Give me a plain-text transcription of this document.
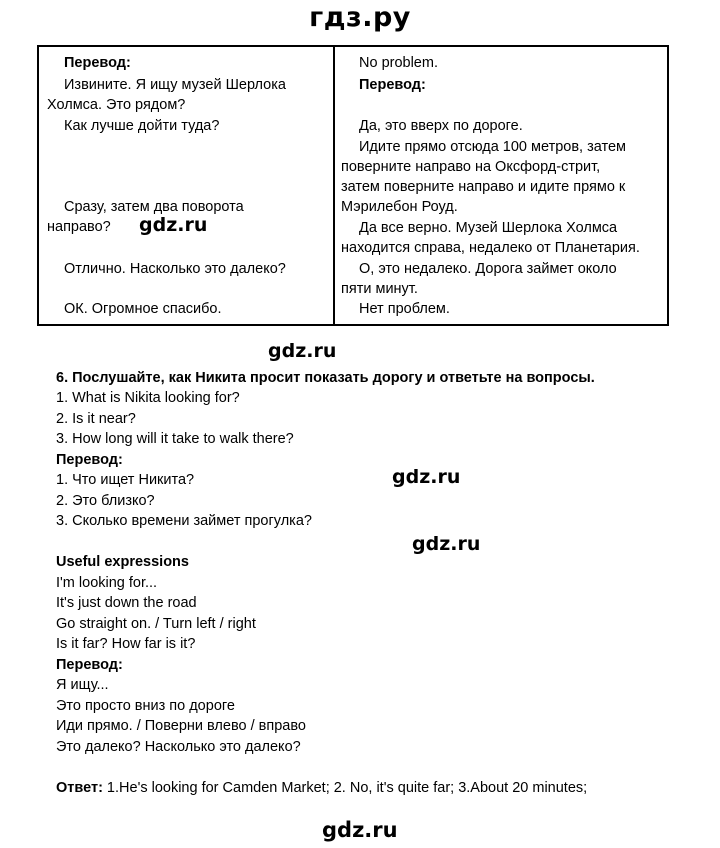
гдз.ру
Перевод:
Извините. Я ищу музей Шерлока
Холмса. Это рядом?
Как лучше дойти туда?
Сразу, затем два поворота
направо?
Отлично. Насколько это далеко?
ОК. Огромное спасибо.
No problem.
Перевод:
Да, это вверх по дороге.
Идите прямо отсюда 100 метров, затем
поверните направо на Оксфорд-стрит,
затем поверните направо и идите прямо к
Мэрилебон Роуд.
Да все верно. Музей Шерлока Холмса
находится справа, недалеко от Планетария.
О, это недалеко. Дорога займет около
пяти минут.
Нет проблем.
gdz.ru
gdz.ru
gdz.ru
gdz.ru
gdz.ru
6. Послушайте, как Никита просит показать дорогу и ответьте на вопросы.
1. What is Nikita looking for?
2. Is it near?
3. How long will it take to walk there?
Перевод:
1. Что ищет Никита?
2. Это близко?
3. Сколько времени займет прогулка?
Useful expressions
I'm looking for...
It's just down the road
Go straight on. / Turn left / right
Is it far? How far is it?
Перевод:
Я ищу...
Это просто вниз по дороге
Иди прямо. / Поверни влево / вправо
Это далеко? Насколько это далеко?
Ответ: 1.He's looking for Camden Market; 2. No, it's quite far; 3.About 20 minutes;
